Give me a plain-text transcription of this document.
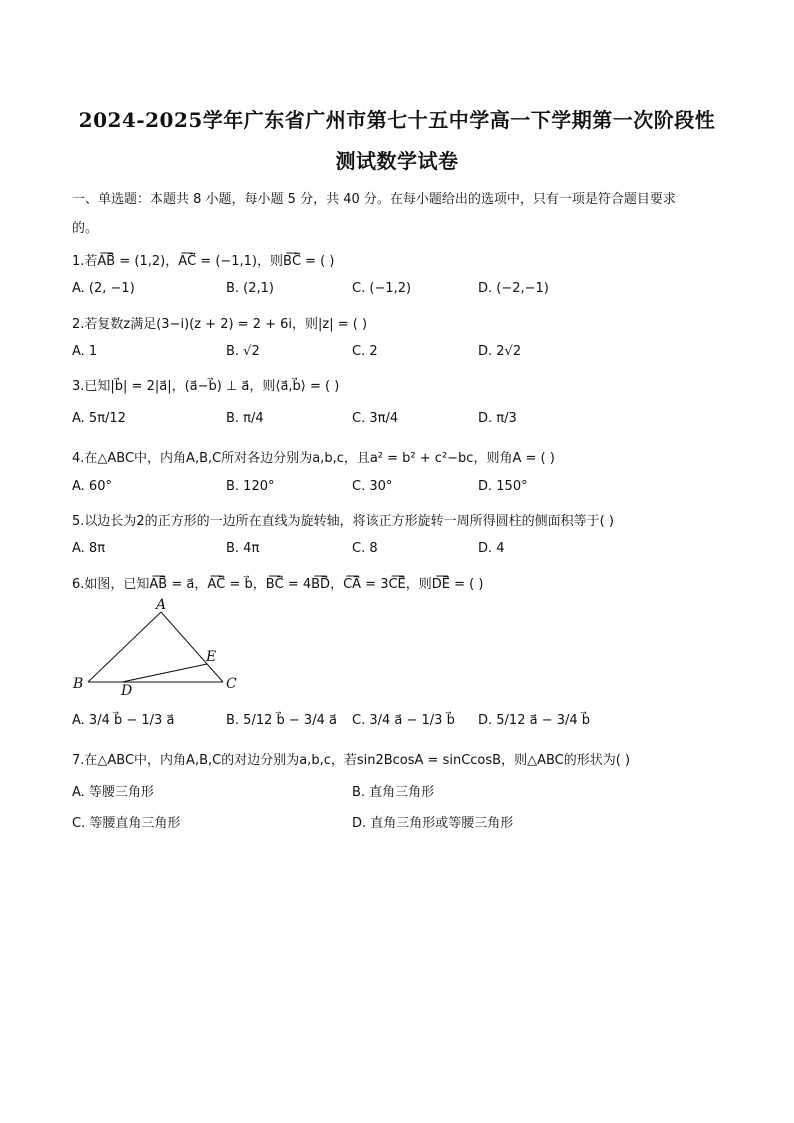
2024-2025学年广东省广州市第七十五中学高一下学期第一次阶段性
测试数学试卷
一、单选题：本题共 8 小题，每小题 5 分，共 40 分。在每小题给出的选项中，只有一项是符合题目要求
的。
1.若A͞B⃗ = (1,2)，A͞C⃗ = (−1,1)，则B͞C⃗ = ( )
A. (2, −1)	B. (2,1)	C. (−1,2)	D. (−2,−1)
2.若复数z满足(3−i)(z + 2) = 2 + 6i，则|z| = ( )
A. 1	B. √2	C. 2	D. 2√2
3.已知|b⃗| = 2|a⃗|，(a⃗−b⃗) ⊥ a⃗，则⟨a⃗,b⃗⟩ = ( )
A. 5π/12	B. π/4	C. 3π/4	D. π/3
4.在△ABC中，内角A,B,C所对各边分别为a,b,c，且a² = b² + c²−bc，则角A = ( )
A. 60°	B. 120°	C. 30°	D. 150°
5.以边长为2的正方形的一边所在直线为旋转轴，将该正方形旋转一周所得圆柱的侧面积等于( )
A. 8π	B. 4π	C. 8	D. 4
6.如图，已知A͞B⃗ = a⃗，A͞C⃗ = b⃗，B͞C⃗ = 4B͞D⃗，C͞A⃗ = 3C͞E⃗，则D͞E⃗ = ( )
A
B	C
D
E
A. 3/4 b⃗ − 1/3 a⃗	B. 5/12 b⃗ − 3/4 a⃗ C. 3/4 a⃗ − 1/3 b⃗ D. 5/12 a⃗ − 3/4 b⃗
7.在△ABC中，内角A,B,C的对边分别为a,b,c，若sin2BcosA = sinCcosB，则△ABC的形状为( )
A. 等腰三角形	B. 直角三角形
C. 等腰直角三角形	D. 直角三角形或等腰三角形
